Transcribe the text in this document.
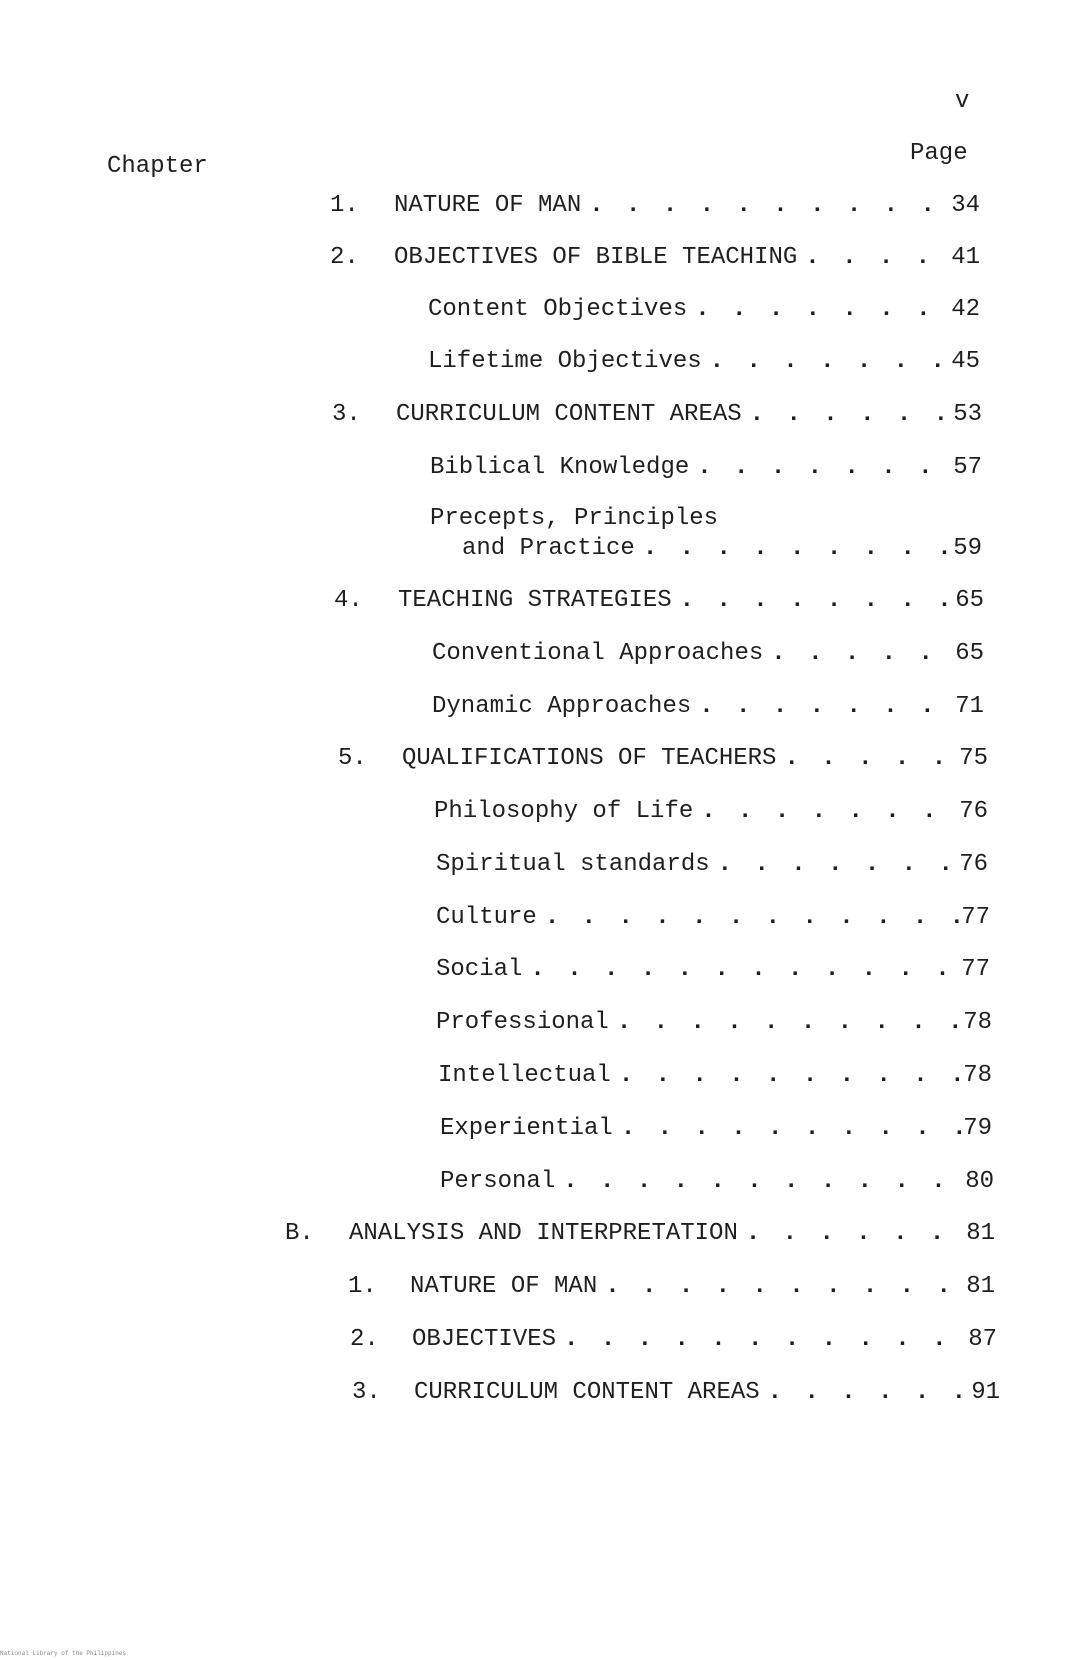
v
Chapter	Page
1.	NATURE OF MAN . . .	34
2.	OBJECTIVES OF BIBLE TEACHING . . .	41
Content Objectives . . .	42
Lifetime Objectives . . .	45
3.	CURRICULUM CONTENT AREAS . . .	53
Biblical Knowledge . . .	57
Precepts, Principles
and Practice . . .	59
4.	TEACHING STRATEGIES . . .	65
Conventional Approaches . . .	65
Dynamic Approaches . . .	71
5.	QUALIFICATIONS OF TEACHERS . . .	75
Philosophy of Life . . .	76
Spiritual standards . . .	76
Culture . . .	77
Social . . .	77
Professional . . .	78
Intellectual . . .	78
Experiential . . .	79
Personal . . .	80
B.	ANALYSIS AND INTERPRETATION . . .	81
1.	NATURE OF MAN . . .	81
2.	OBJECTIVES . . .	87
3.	CURRICULUM CONTENT AREAS . . .	91
National Library of the Philippines
